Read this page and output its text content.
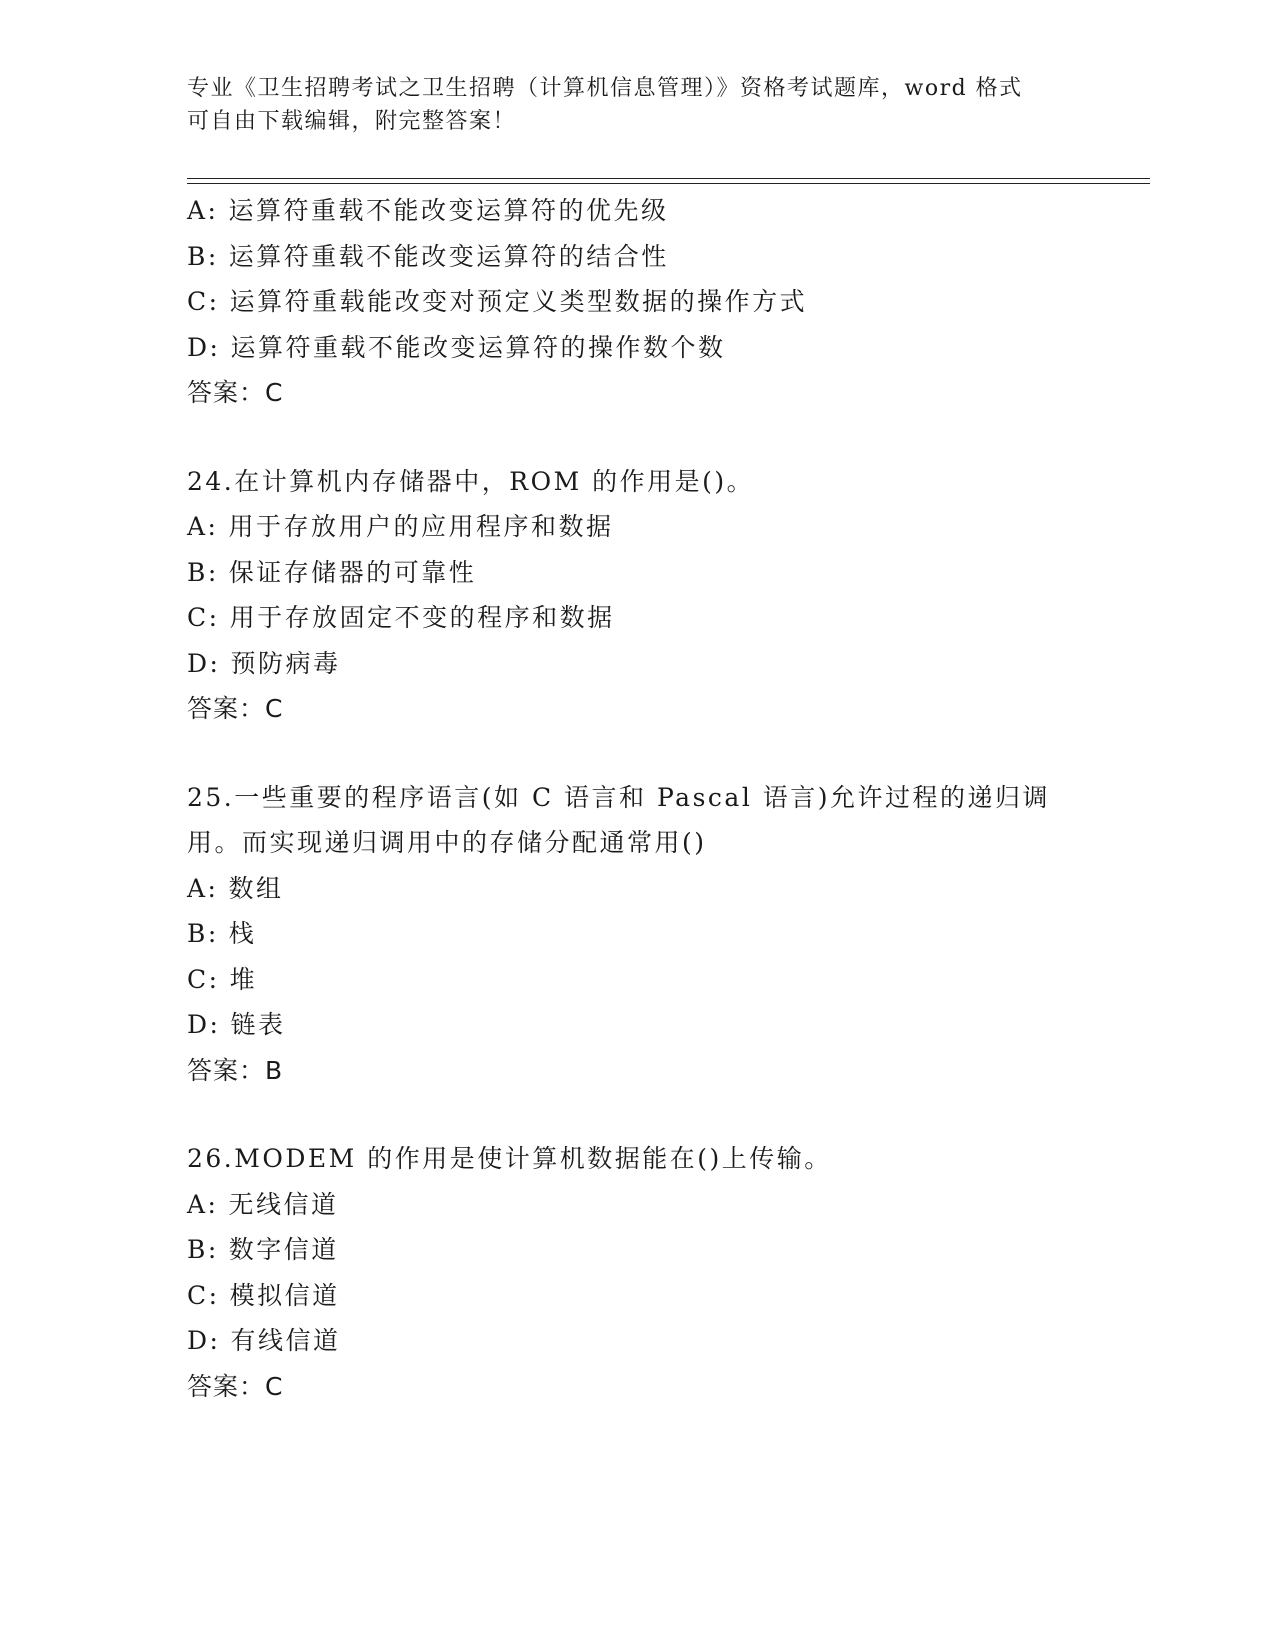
专业《卫生招聘考试之卫生招聘（计算机信息管理）》资格考试题库，word 格式
可自由下载编辑，附完整答案！
A: 运算符重载不能改变运算符的优先级
B: 运算符重载不能改变运算符的结合性
C: 运算符重载能改变对预定义类型数据的操作方式
D: 运算符重载不能改变运算符的操作数个数
答案：C
24.在计算机内存储器中，ROM 的作用是()。
A: 用于存放用户的应用程序和数据
B: 保证存储器的可靠性
C: 用于存放固定不变的程序和数据
D: 预防病毒
答案：C
25.一些重要的程序语言(如 C 语言和 Pascal 语言)允许过程的递归调
用。而实现递归调用中的存储分配通常用()
A: 数组
B: 栈
C: 堆
D: 链表
答案：B
26.MODEM 的作用是使计算机数据能在()上传输。
A: 无线信道
B: 数字信道
C: 模拟信道
D: 有线信道
答案：C
